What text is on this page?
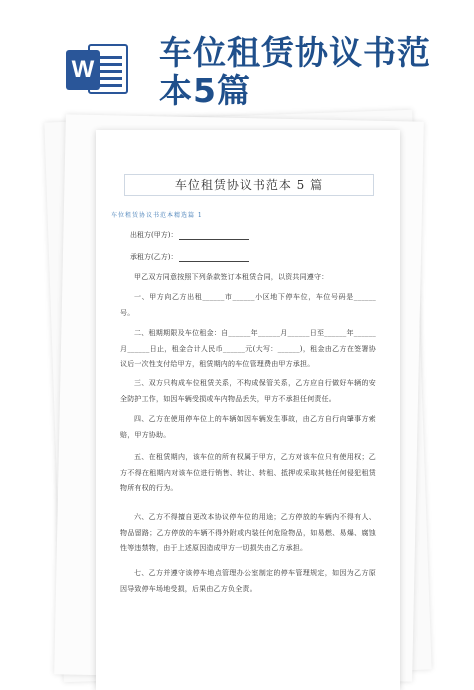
W 车位租赁协议书范
本5篇
车位租赁协议书范本 5 篇
车位租赁协议书范本精选篇 1
出租方(甲方)：
承租方(乙方)：
甲乙双方同意按照下列条款签订本租赁合同，以资共同遵守：
一、甲方向乙方出租______市______小区地下停车位，车位号码是______号。
二、租期期限及车位租金：自______年______月______日至______年______月______日止，租金合计人民币______元(大写：______)，租金由乙方在签署协议后一次性支付给甲方，租赁期内的车位管理费由甲方承担。
三、双方只构成车位租赁关系，不构成保管关系，乙方应自行做好车辆的安全防护工作，如因车辆受损或车内物品丢失，甲方不承担任何责任。
四、乙方在使用停车位上的车辆如因车辆发生事故，由乙方自行向肇事方索赔，甲方协助。
五、在租赁期内，该车位的所有权属于甲方，乙方对该车位只有使用权；乙方不得在租期内对该车位进行销售、转让、转租、抵押或采取其他任何侵犯租赁物所有权的行为。
六、乙方不得擅自更改本协议停车位的用途；乙方停放的车辆内不得有人、物品留路；乙方停放的车辆不得外附或内装任何危险物品，如易燃、易爆、腐蚀性等违禁物，由于上述原因造成甲方一切损失由乙方承担。
七、乙方并遵守该停车地点管理办公室制定的停车管理规定，如因为乙方原因导致停车场地受损，后果由乙方负全责。
